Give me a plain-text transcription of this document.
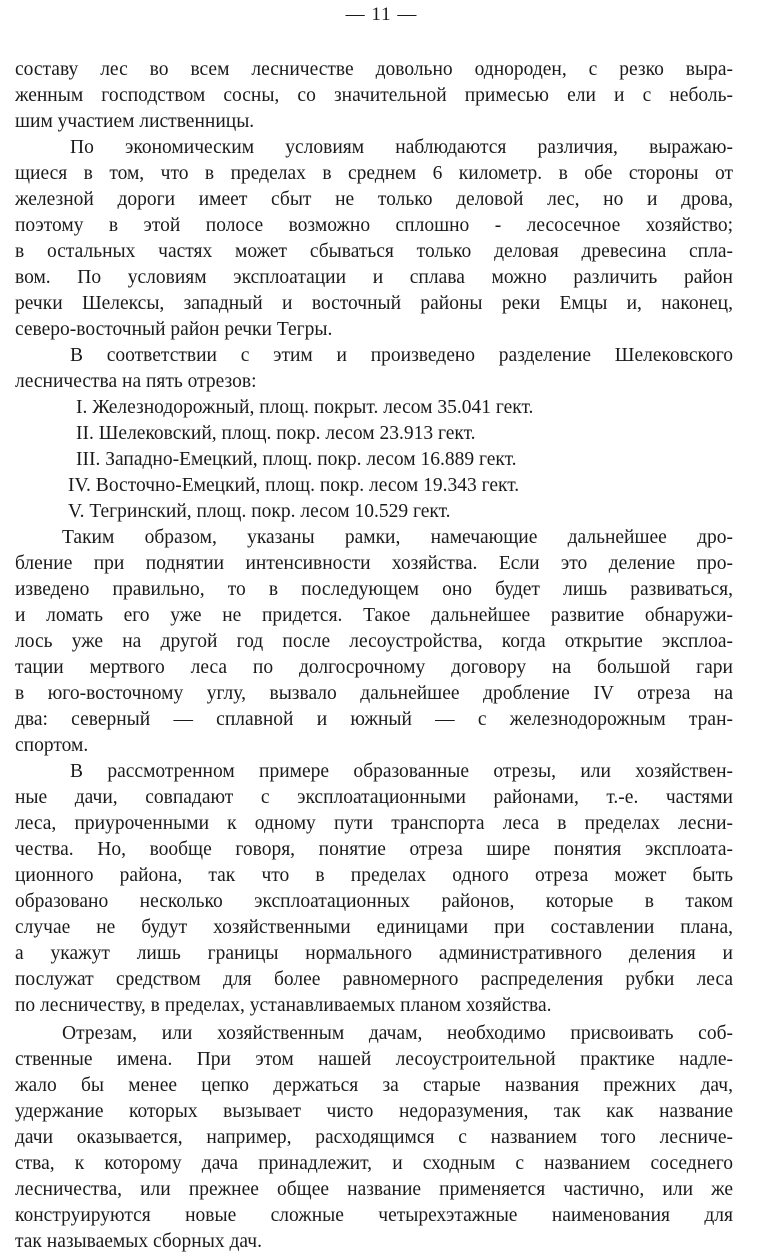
— 11 —
составу лес во всем лесничестве довольно однороден, с резко выра-
женным господством сосны, со значительной примесью ели и с неболь-
шим участием лиственницы.
По экономическим условиям наблюдаются различия, выражаю-
щиеся в том, что в пределах в среднем 6 километр. в обе стороны от
железной дороги имеет сбыт не только деловой лес, но и дрова,
поэтому в этой полосе возможно сплошно - лесосечное хозяйство;
в остальных частях может сбываться только деловая древесина спла-
вом. По условиям эксплоатации и сплава можно различить район
речки Шелексы, западный и восточный районы реки Емцы и, наконец,
северо-восточный район речки Тегры.
В соответствии с этим и произведено разделение Шелековского
лесничества на пять отрезов:
I. Железнодорожный, площ. покрыт. лесом 35.041 гект.
II. Шелековский, площ. покр. лесом 23.913 гект.
III. Западно-Емецкий, площ. покр. лесом 16.889 гект.
IV. Восточно-Емецкий, площ. покр. лесом 19.343 гект.
V. Тегринский, площ. покр. лесом 10.529 гект.
Таким образом, указаны рамки, намечающие дальнейшее дро-
бление при поднятии интенсивности хозяйства. Если это деление про-
изведено правильно, то в последующем оно будет лишь развиваться,
и ломать его уже не придется. Такое дальнейшее развитие обнаружи-
лось уже на другой год после лесоустройства, когда открытие эксплоа-
тации мертвого леса по долгосрочному договору на большой гари
в юго-восточному углу, вызвало дальнейшее дробление IV отреза на
два: северный — сплавной и южный — с железнодорожным тран-
спортом.
В рассмотренном примере образованные отрезы, или хозяйствен-
ные дачи, совпадают с эксплоатационными районами, т.-е. частями
леса, приуроченными к одному пути транспорта леса в пределах лесни-
чества. Но, вообще говоря, понятие отреза шире понятия эксплоата-
ционного района, так что в пределах одного отреза может быть
образовано несколько эксплоатационных районов, которые в таком
случае не будут хозяйственными единицами при составлении плана,
а укажут лишь границы нормального административного деления и
послужат средством для более равномерного распределения рубки леса
по лесничеству, в пределах, устанавливаемых планом хозяйства.
Отрезам, или хозяйственным дачам, необходимо присвоивать соб-
ственные имена. При этом нашей лесоустроительной практике надле-
жало бы менее цепко держаться за старые названия прежних дач,
удержание которых вызывает чисто недоразумения, так как название
дачи оказывается, например, расходящимся с названием того лесниче-
ства, к которому дача принадлежит, и сходным с названием соседнего
лесничества, или прежнее общее название применяется частично, или же
конструируются новые сложные четырехэтажные наименования для
так называемых сборных дач.
